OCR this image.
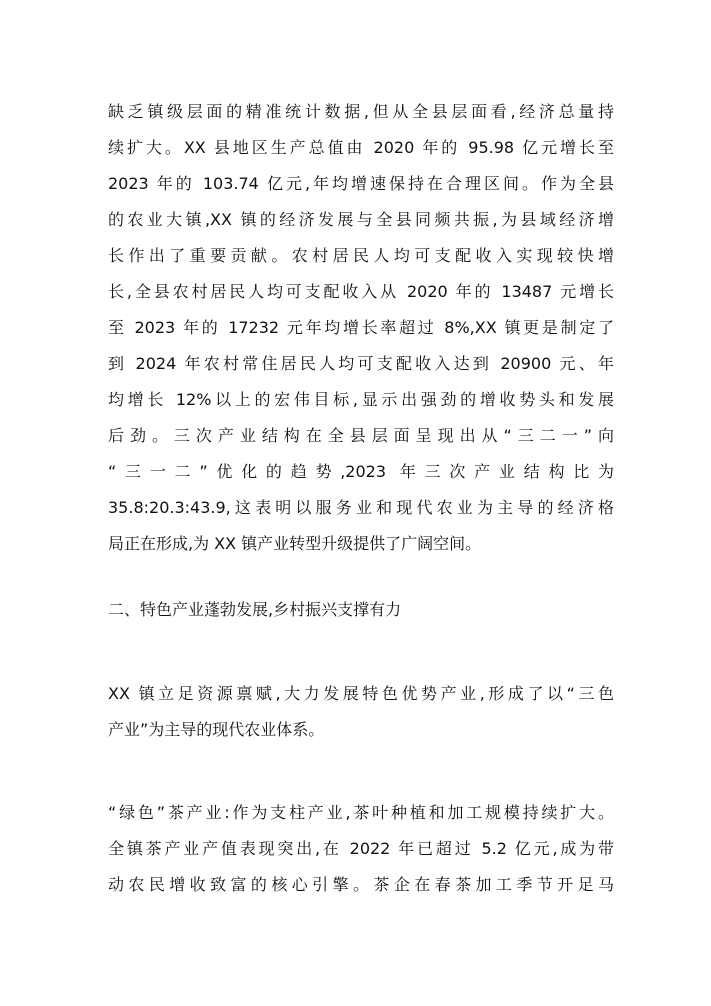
缺乏镇级层面的精准统计数据,但从全县层面看,经济总量持
续扩大。XX 县地区生产总值由 2020 年的 95.98 亿元增长至
2023 年的 103.74 亿元,年均增速保持在合理区间。作为全县
的农业大镇,XX 镇的经济发展与全县同频共振,为县域经济增
长作出了重要贡献。农村居民人均可支配收入实现较快增
长,全县农村居民人均可支配收入从 2020 年的 13487 元增长
至 2023 年的 17232 元年均增长率超过 8%,XX 镇更是制定了
到 2024 年农村常住居民人均可支配收入达到 20900 元、年
均增长 12%以上的宏伟目标,显示出强劲的增收势头和发展
后劲。三次产业结构在全县层面呈现出从“三二一”向
“三一二”优化的趋势,2023 年三次产业结构比为
35.8:20.3:43.9,这表明以服务业和现代农业为主导的经济格
局正在形成,为 XX 镇产业转型升级提供了广阔空间。
二、特色产业蓬勃发展,乡村振兴支撑有力
XX 镇立足资源禀赋,大力发展特色优势产业,形成了以“三色
产业”为主导的现代农业体系。
“绿色”茶产业:作为支柱产业,茶叶种植和加工规模持续扩大。
全镇茶产业产值表现突出,在 2022 年已超过 5.2 亿元,成为带
动农民增收致富的核心引擎。茶企在春茶加工季节开足马
